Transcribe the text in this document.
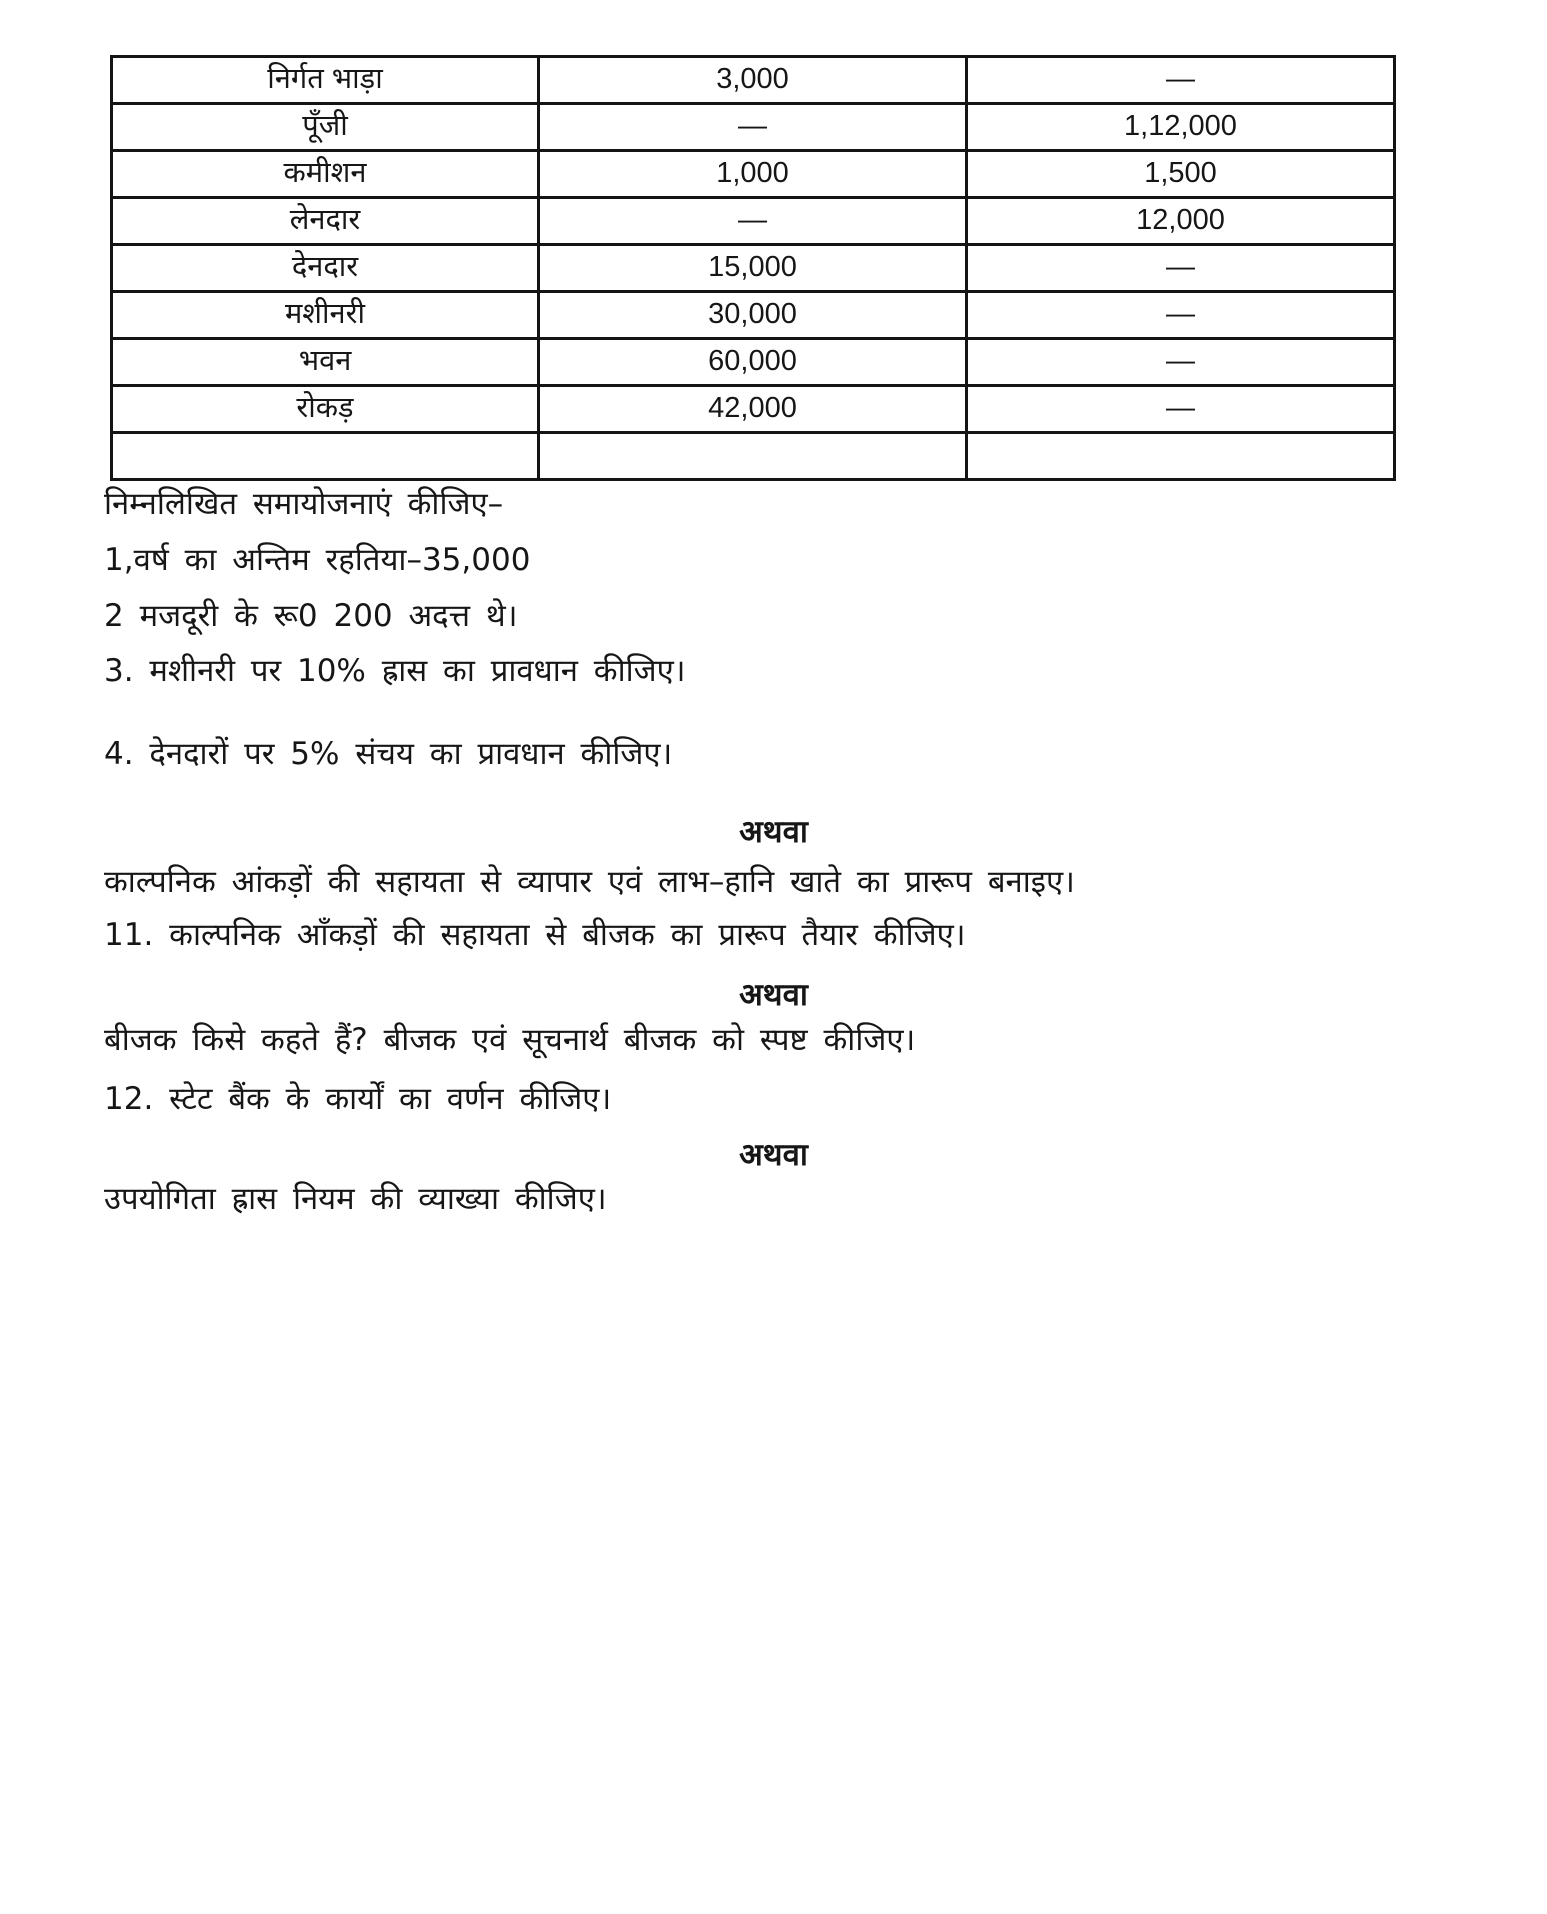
निर्गत भाड़ा	3,000	—
पूँजी	—	1,12,000
कमीशन	1,000	1,500
लेनदार	—	12,000
देनदार	15,000	—
मशीनरी	30,000	—
भवन	60,000	—
रोकड़	42,000	—

निम्नलिखित समायोजनाएं कीजिए–
1,वर्ष का अन्तिम रहतिया–35,000
2 मजदूरी के रू0 200 अदत्त थे।
3. मशीनरी पर 10% ह्रास का प्रावधान कीजिए।
4. देनदारों पर 5% संचय का प्रावधान कीजिए।
अथवा
काल्पनिक आंकड़ों की सहायता से व्यापार एवं लाभ–हानि खाते का प्रारूप बनाइए।
11. काल्पनिक आँकड़ों की सहायता से बीजक का प्रारूप तैयार कीजिए।
अथवा
बीजक किसे कहते हैं? बीजक एवं सूचनार्थ बीजक को स्पष्ट कीजिए।
12. स्टेट बैंक के कार्यों का वर्णन कीजिए।
अथवा
उपयोगिता ह्रास नियम की व्याख्या कीजिए।
